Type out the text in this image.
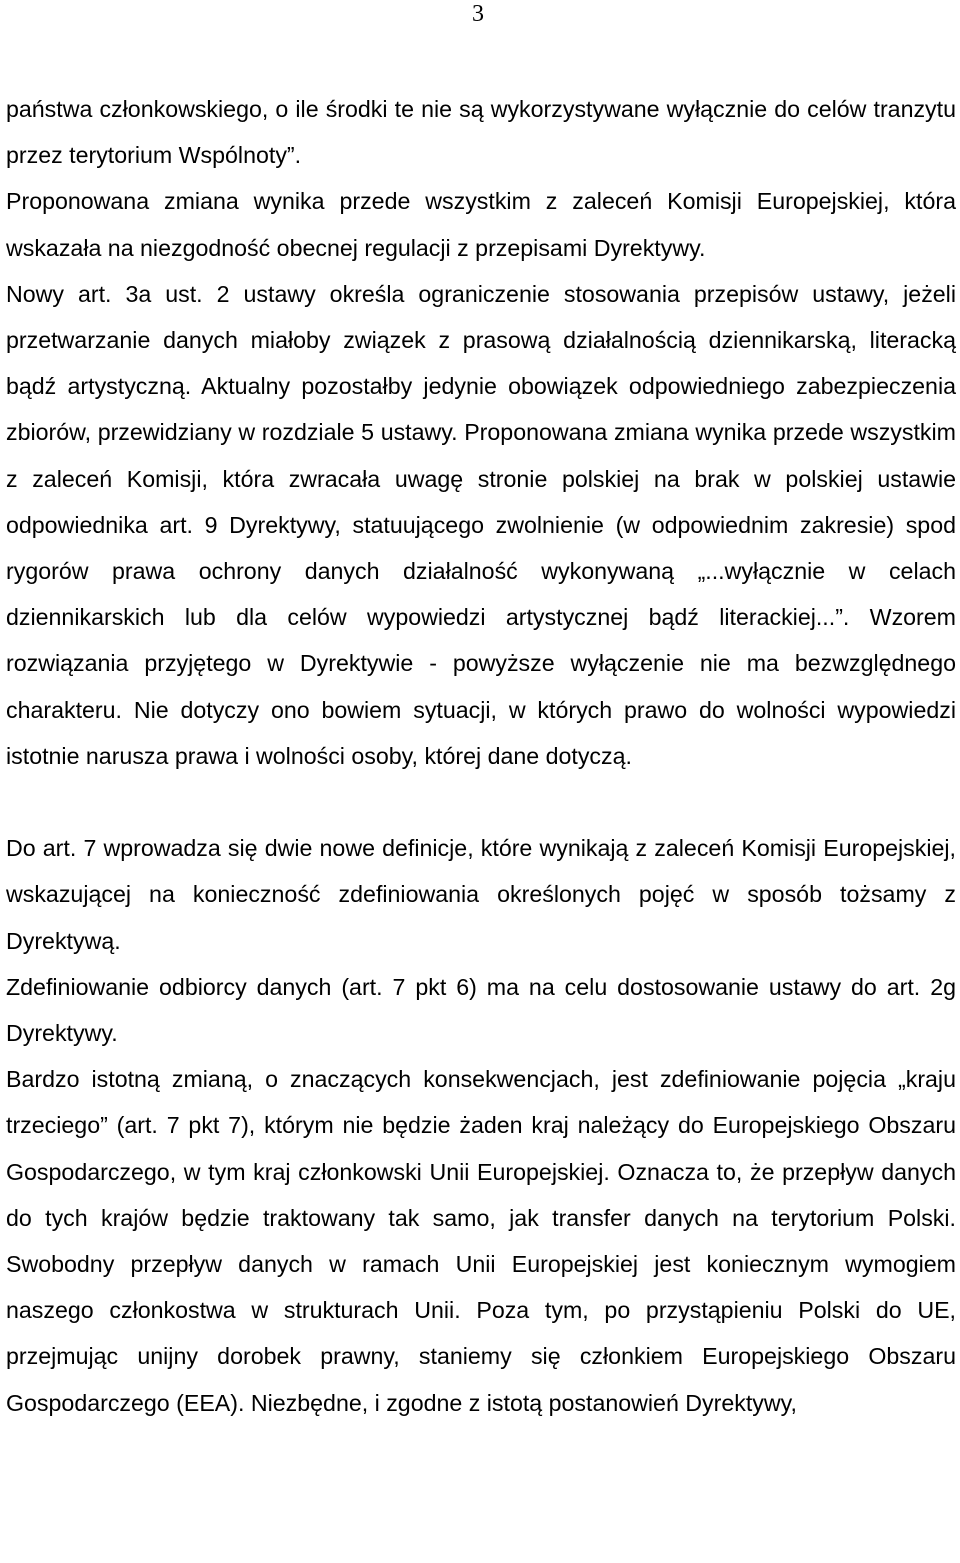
3

państwa członkowskiego, o ile środki te nie są wykorzystywane wyłącznie do celów tranzytu przez terytorium Wspólnoty”.

Proponowana zmiana wynika przede wszystkim z zaleceń Komisji Europejskiej, która wskazała na niezgodność obecnej regulacji z przepisami Dyrektywy.

Nowy art. 3a ust. 2 ustawy określa ograniczenie stosowania przepisów ustawy, jeżeli przetwarzanie danych miałoby związek z prasową działalnością dziennikarską, literacką bądź artystyczną. Aktualny pozostałby jedynie obowiązek odpowiedniego zabezpieczenia zbiorów, przewidziany w rozdziale 5 ustawy. Proponowana zmiana wynika przede wszystkim z zaleceń Komisji, która zwracała uwagę stronie polskiej na brak w polskiej ustawie odpowiednika art. 9 Dyrektywy, statuującego zwolnienie (w odpowiednim zakresie) spod rygorów prawa ochrony danych działalność wykonywaną „...wyłącznie w celach dziennikarskich lub dla celów wypowiedzi artystycznej bądź literackiej...”. Wzorem rozwiązania przyjętego w Dyrektywie - powyższe wyłączenie nie ma bezwzględnego charakteru. Nie dotyczy ono bowiem sytuacji, w których prawo do wolności wypowiedzi istotnie narusza prawa i wolności osoby, której dane dotyczą.

Do art. 7 wprowadza się dwie nowe definicje, które wynikają z zaleceń Komisji Europejskiej, wskazującej na konieczność zdefiniowania określonych pojęć w sposób tożsamy z Dyrektywą.

Zdefiniowanie odbiorcy danych (art. 7 pkt 6) ma na celu dostosowanie ustawy do art. 2g Dyrektywy.

Bardzo istotną zmianą, o znaczących konsekwencjach, jest zdefiniowanie pojęcia „kraju trzeciego” (art. 7 pkt 7), którym nie będzie żaden kraj należący do Europejskiego Obszaru Gospodarczego, w tym kraj członkowski Unii Europejskiej. Oznacza to, że przepływ danych do tych krajów będzie traktowany tak samo, jak transfer danych na terytorium Polski. Swobodny przepływ danych w ramach Unii Europejskiej jest koniecznym wymogiem naszego członkostwa w strukturach Unii. Poza tym, po przystąpieniu Polski do UE, przejmując unijny dorobek prawny, staniemy się członkiem Europejskiego Obszaru Gospodarczego (EEA). Niezbędne, i zgodne z istotą postanowień Dyrektywy,
